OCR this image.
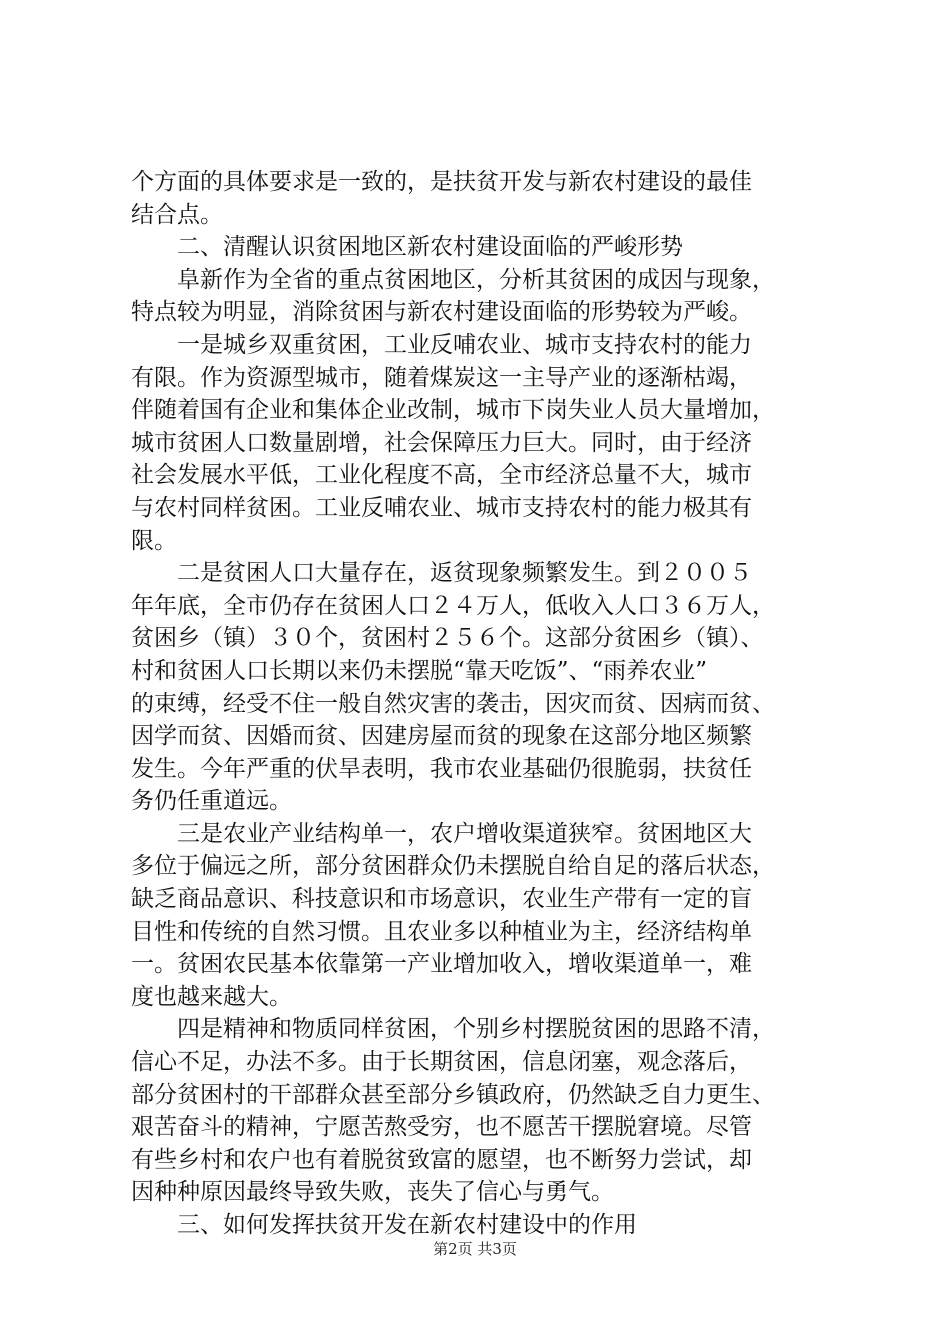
个方面的具体要求是一致的，是扶贫开发与新农村建设的最佳
结合点。
　　二、清醒认识贫困地区新农村建设面临的严峻形势
　　阜新作为全省的重点贫困地区，分析其贫困的成因与现象，
特点较为明显，消除贫困与新农村建设面临的形势较为严峻。
　　一是城乡双重贫困，工业反哺农业、城市支持农村的能力
有限。作为资源型城市，随着煤炭这一主导产业的逐渐枯竭，
伴随着国有企业和集体企业改制，城市下岗失业人员大量增加，
城市贫困人口数量剧增，社会保障压力巨大。同时，由于经济
社会发展水平低，工业化程度不高，全市经济总量不大，城市
与农村同样贫困。工业反哺农业、城市支持农村的能力极其有
限。
　　二是贫困人口大量存在，返贫现象频繁发生。到２００５
年年底，全市仍存在贫困人口２４万人，低收入人口３６万人，
贫困乡（镇）３０个，贫困村２５６个。这部分贫困乡（镇）、
村和贫困人口长期以来仍未摆脱“靠天吃饭”、“雨养农业”
的束缚，经受不住一般自然灾害的袭击，因灾而贫、因病而贫、
因学而贫、因婚而贫、因建房屋而贫的现象在这部分地区频繁
发生。今年严重的伏旱表明，我市农业基础仍很脆弱，扶贫任
务仍任重道远。
　　三是农业产业结构单一，农户增收渠道狭窄。贫困地区大
多位于偏远之所，部分贫困群众仍未摆脱自给自足的落后状态，
缺乏商品意识、科技意识和市场意识，农业生产带有一定的盲
目性和传统的自然习惯。且农业多以种植业为主，经济结构单
一。贫困农民基本依靠第一产业增加收入，增收渠道单一，难
度也越来越大。
　　四是精神和物质同样贫困，个别乡村摆脱贫困的思路不清，
信心不足，办法不多。由于长期贫困，信息闭塞，观念落后，
部分贫困村的干部群众甚至部分乡镇政府，仍然缺乏自力更生、
艰苦奋斗的精神，宁愿苦熬受穷，也不愿苦干摆脱窘境。尽管
有些乡村和农户也有着脱贫致富的愿望，也不断努力尝试，却
因种种原因最终导致失败，丧失了信心与勇气。
　　三、如何发挥扶贫开发在新农村建设中的作用
第2页 共3页
